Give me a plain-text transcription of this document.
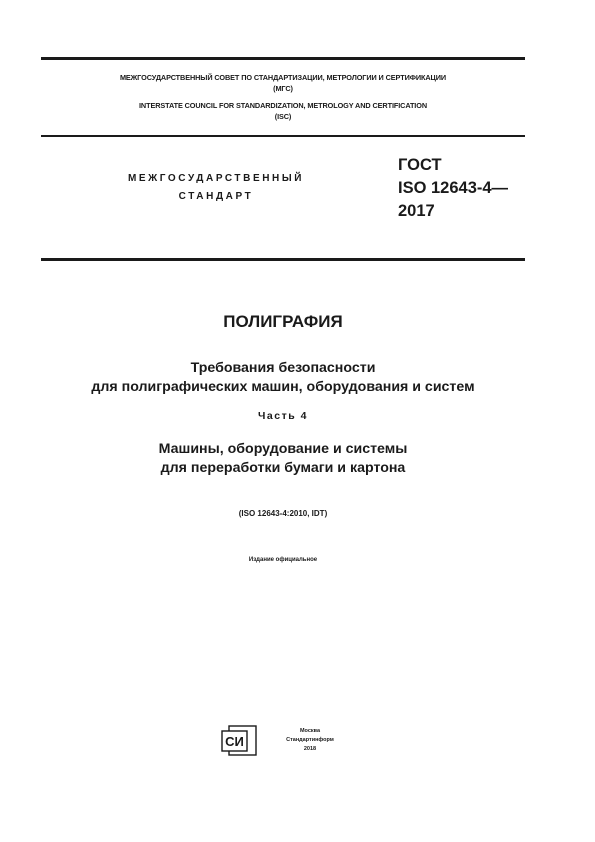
МЕЖГОСУДАРСТВЕННЫЙ СОВЕТ ПО СТАНДАРТИЗАЦИИ, МЕТРОЛОГИИ И СЕРТИФИКАЦИИ
(МГС)
INTERSTATE COUNCIL FOR STANDARDIZATION, METROLOGY AND CERTIFICATION
(ISC)
МЕЖГОСУДАРСТВЕННЫЙ
СТАНДАРТ
ГОСТ
ISO 12643-4—
2017
ПОЛИГРАФИЯ
Требования безопасности
для полиграфических машин, оборудования и систем
Часть 4
Машины, оборудование и системы
для переработки бумаги и картона
(ISO 12643-4:2010, IDT)
Издание официальное
СИ
Москва
Стандартинформ
2018
